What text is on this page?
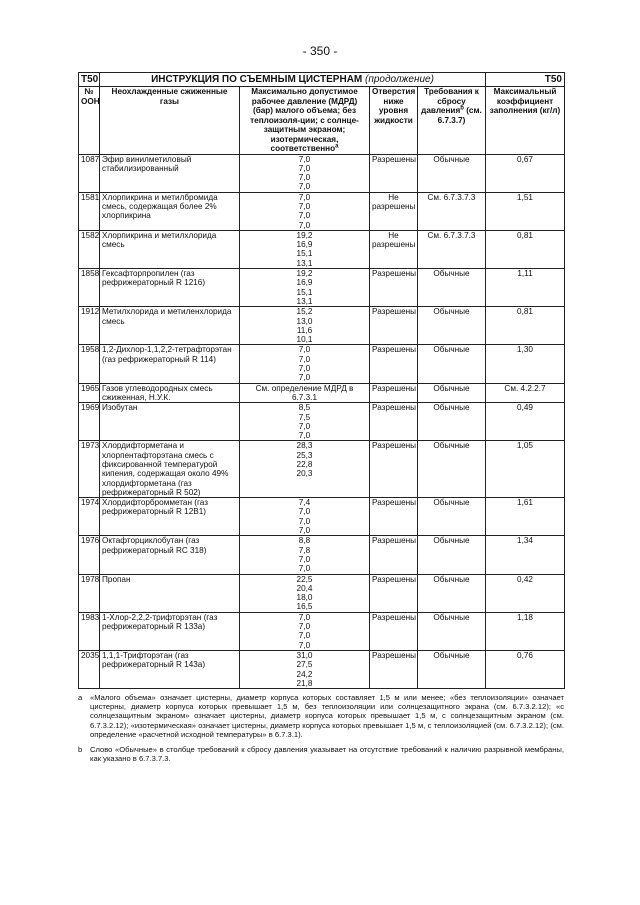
- 350 -
T50	ИНСТРУКЦИЯ ПО СЪЕМНЫМ ЦИСТЕРНАМ (продолжение)				T50
№ ООН	Неохлажденные сжиженные газы	Максимально допустимое рабочее давление (МДРД) (бар) малого объема; без теплоизоля-ции; с солнце-защитным экраном; изотермическая, соответственно$^а$	Отверстия ниже уровня жидкости	Требования к сбросу давления$^b$ (см. 6.7.3.7)	Максимальный коэффициент заполнения (кг/л)
1087	Эфир винилметиловый стабилизированный	7,0
7,0
7,0
7,0	Разрешены	Обычные	0,67
1581	Хлорпикрина и метилбромида смесь, содержащая более 2% хлорпикрина	7,0
7,0
7,0
7,0	Не разрешены	См. 6.7.3.7.3	1,51
1582	Хлорпикрина и метилхлорида смесь	19,2
16,9
15,1
13,1	Не разрешены	См. 6.7.3.7.3	0,81
1858	Гексафторпропилен (газ рефрижераторный R 1216)	19,2
16,9
15,1
13,1	Разрешены	Обычные	1,11
1912	Метилхлорида и метиленхлорида смесь	15,2
13,0
11,6
10,1	Разрешены	Обычные	0,81
1958	1,2-Дихлор-1,1,2,2-тетрафторэтан (газ рефрижераторный R 114)	7,0
7,0
7,0
7,0	Разрешены	Обычные	1,30
1965	Газов углеводородных смесь сжиженная, Н.У.К.	См. определение МДРД в 6.7.3.1	Разрешены	Обычные	См. 4.2.2.7
1969	Изобутан	8,5
7,5
7,0
7,0	Разрешены	Обычные	0,49
1973	Хлордифторметана и хлорпентафторэтана смесь с фиксированной температурой кипения, содержащая около 49% хлордифторметана (газ рефрижераторный R 502)	28,3
25,3
22,8
20,3	Разрешены	Обычные	1,05
1974	Хлордифторбромметан (газ рефрижераторный R 12B1)	7,4
7,0
7,0
7,0	Разрешены	Обычные	1,61
1976	Октафторциклобутан (газ рефрижераторный RC 318)	8,8
7,8
7,0
7,0	Разрешены	Обычные	1,34
1978	Пропан	22,5
20,4
18,0
16,5	Разрешены	Обычные	0,42
1983	1-Хлор-2,2,2-трифторэтан (газ рефрижераторный R 133a)	7,0
7,0
7,0
7,0	Разрешены	Обычные	1,18
2035	1,1,1-Трифторэтан (газ рефрижераторный R 143a)	31,0
27,5
24,2
21,8	Разрешены	Обычные	0,76
а «Малого объема» означает цистерны, диаметр корпуса которых составляет 1,5 м или менее; «без теплоизоляции» означает цистерны, диаметр корпуса которых превышает 1,5 м, без теплоизоляции или солнцезащитного экрана (см. 6.7.3.2.12); «с солнцезащитным экраном» означает цистерны, диаметр корпуса которых превышает 1,5 м, с солнцезащитным экраном (см. 6.7.3.2.12); «изотермическая» означает цистерны, диаметр корпуса которых превышает 1,5 м, с теплоизоляцией (см. 6.7.3.2.12); (см. определение «расчетной исходной температуры» в 6.7.3.1).
b Слово «Обычные» в столбце требований к сбросу давления указывает на отсутствие требований к наличию разрывной мембраны, как указано в 6.7.3.7.3.
